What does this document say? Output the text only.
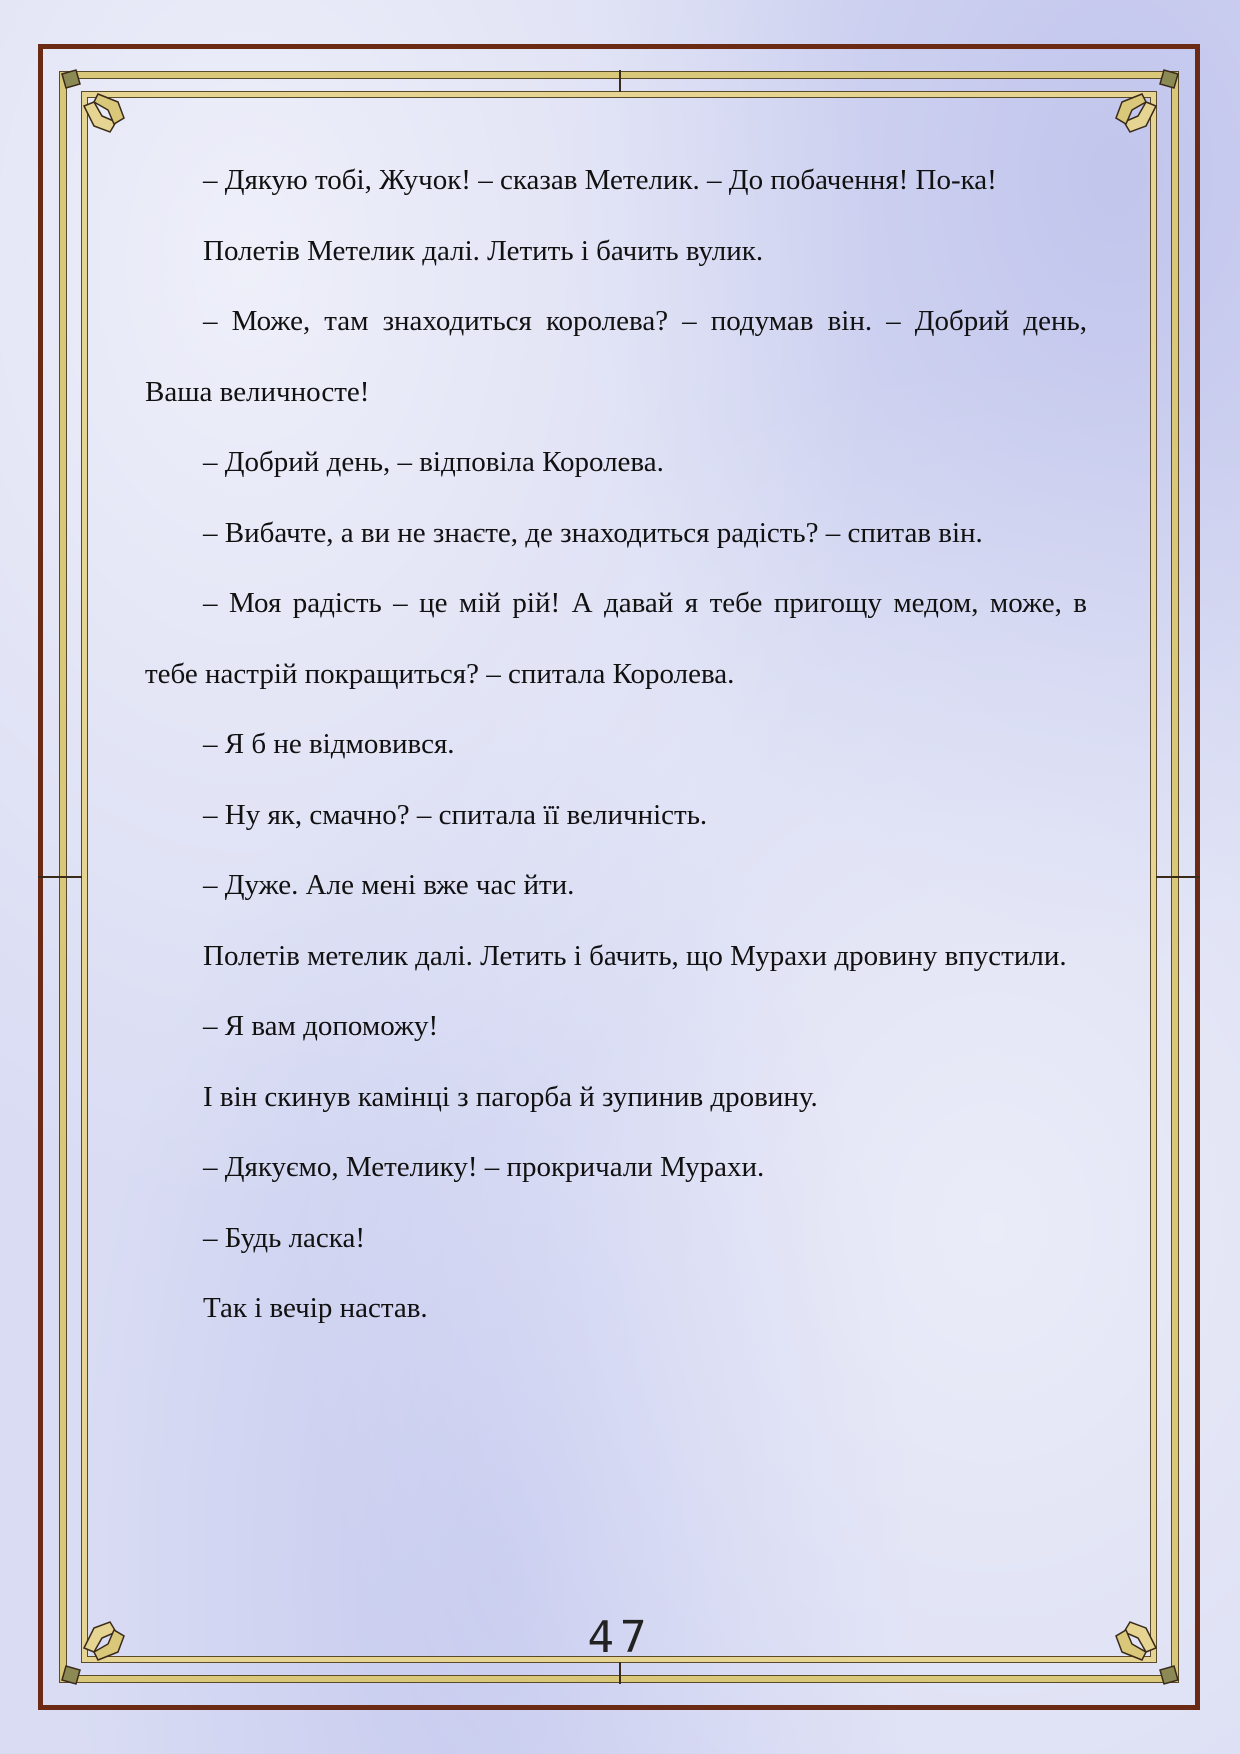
– Дякую тобі, Жучок! – сказав Метелик. – До побачення! По-ка!

Полетів Метелик далі. Летить і бачить вулик.

– Може, там знаходиться королева? – подумав він. – Добрий день, Ваша величносте!

– Добрий день, – відповіла Королева.

– Вибачте, а ви не знаєте, де знаходиться радість? – спитав він.

– Моя радість – це мій рій! А давай я тебе пригощу медом, може, в тебе настрій покращиться? – спитала Королева.

– Я б не відмовився.

– Ну як, смачно? – спитала її величність.

– Дуже. Але мені вже час йти.

Полетів метелик далі. Летить і бачить, що Мурахи дровину впустили.

– Я вам допоможу!

І він скинув камінці з пагорба й зупинив дровину.

– Дякуємо, Метелику! – прокричали Мурахи.

– Будь ласка!

Так і вечір настав.

47
